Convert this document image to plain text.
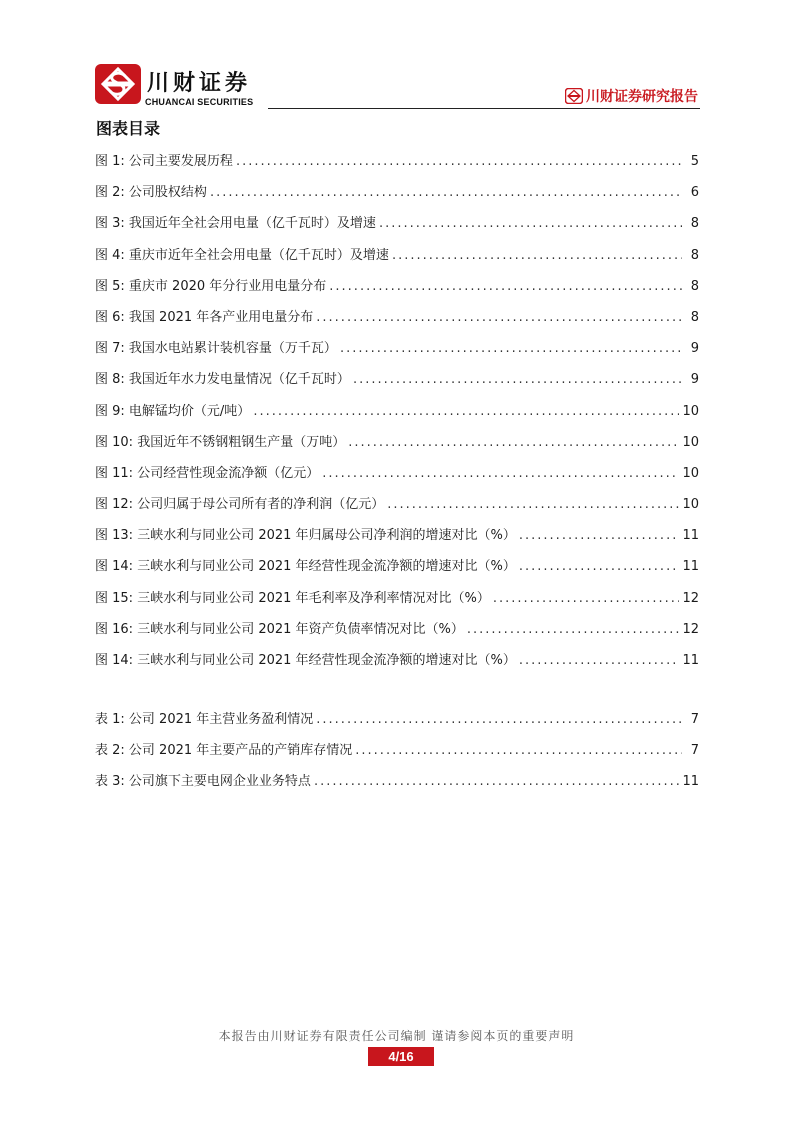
川财证券
CHUANCAI SECURITIES	川财证券研究报告
图表目录
图 1: 公司主要发展历程 .....	5
图 2: 公司股权结构 .....	6
图 3: 我国近年全社会用电量（亿千瓦时）及增速 .....	8
图 4: 重庆市近年全社会用电量（亿千瓦时）及增速 .....	8
图 5: 重庆市 2020 年分行业用电量分布 .....	8
图 6: 我国 2021 年各产业用电量分布 .....	8
图 7: 我国水电站累计装机容量（万千瓦） .....	9
图 8: 我国近年水力发电量情况（亿千瓦时） .....	9
图 9: 电解锰均价（元/吨） .....	10
图 10: 我国近年不锈钢粗钢生产量（万吨） .....	10
图 11: 公司经营性现金流净额（亿元） .....	10
图 12: 公司归属于母公司所有者的净利润（亿元） .....	10
图 13: 三峡水利与同业公司 2021 年归属母公司净利润的增速对比（%） .....	11
图 14: 三峡水利与同业公司 2021 年经营性现金流净额的增速对比（%） .....	11
图 15: 三峡水利与同业公司 2021 年毛利率及净利率情况对比（%） .....	12
图 16: 三峡水利与同业公司 2021 年资产负债率情况对比（%） .....	12
图 14: 三峡水利与同业公司 2021 年经营性现金流净额的增速对比（%） .....	11
表 1: 公司 2021 年主营业务盈利情况 .....	7
表 2: 公司 2021 年主要产品的产销库存情况 .....	7
表 3: 公司旗下主要电网企业业务特点 .....	11
本报告由川财证券有限责任公司编制 谨请参阅本页的重要声明
4/16
